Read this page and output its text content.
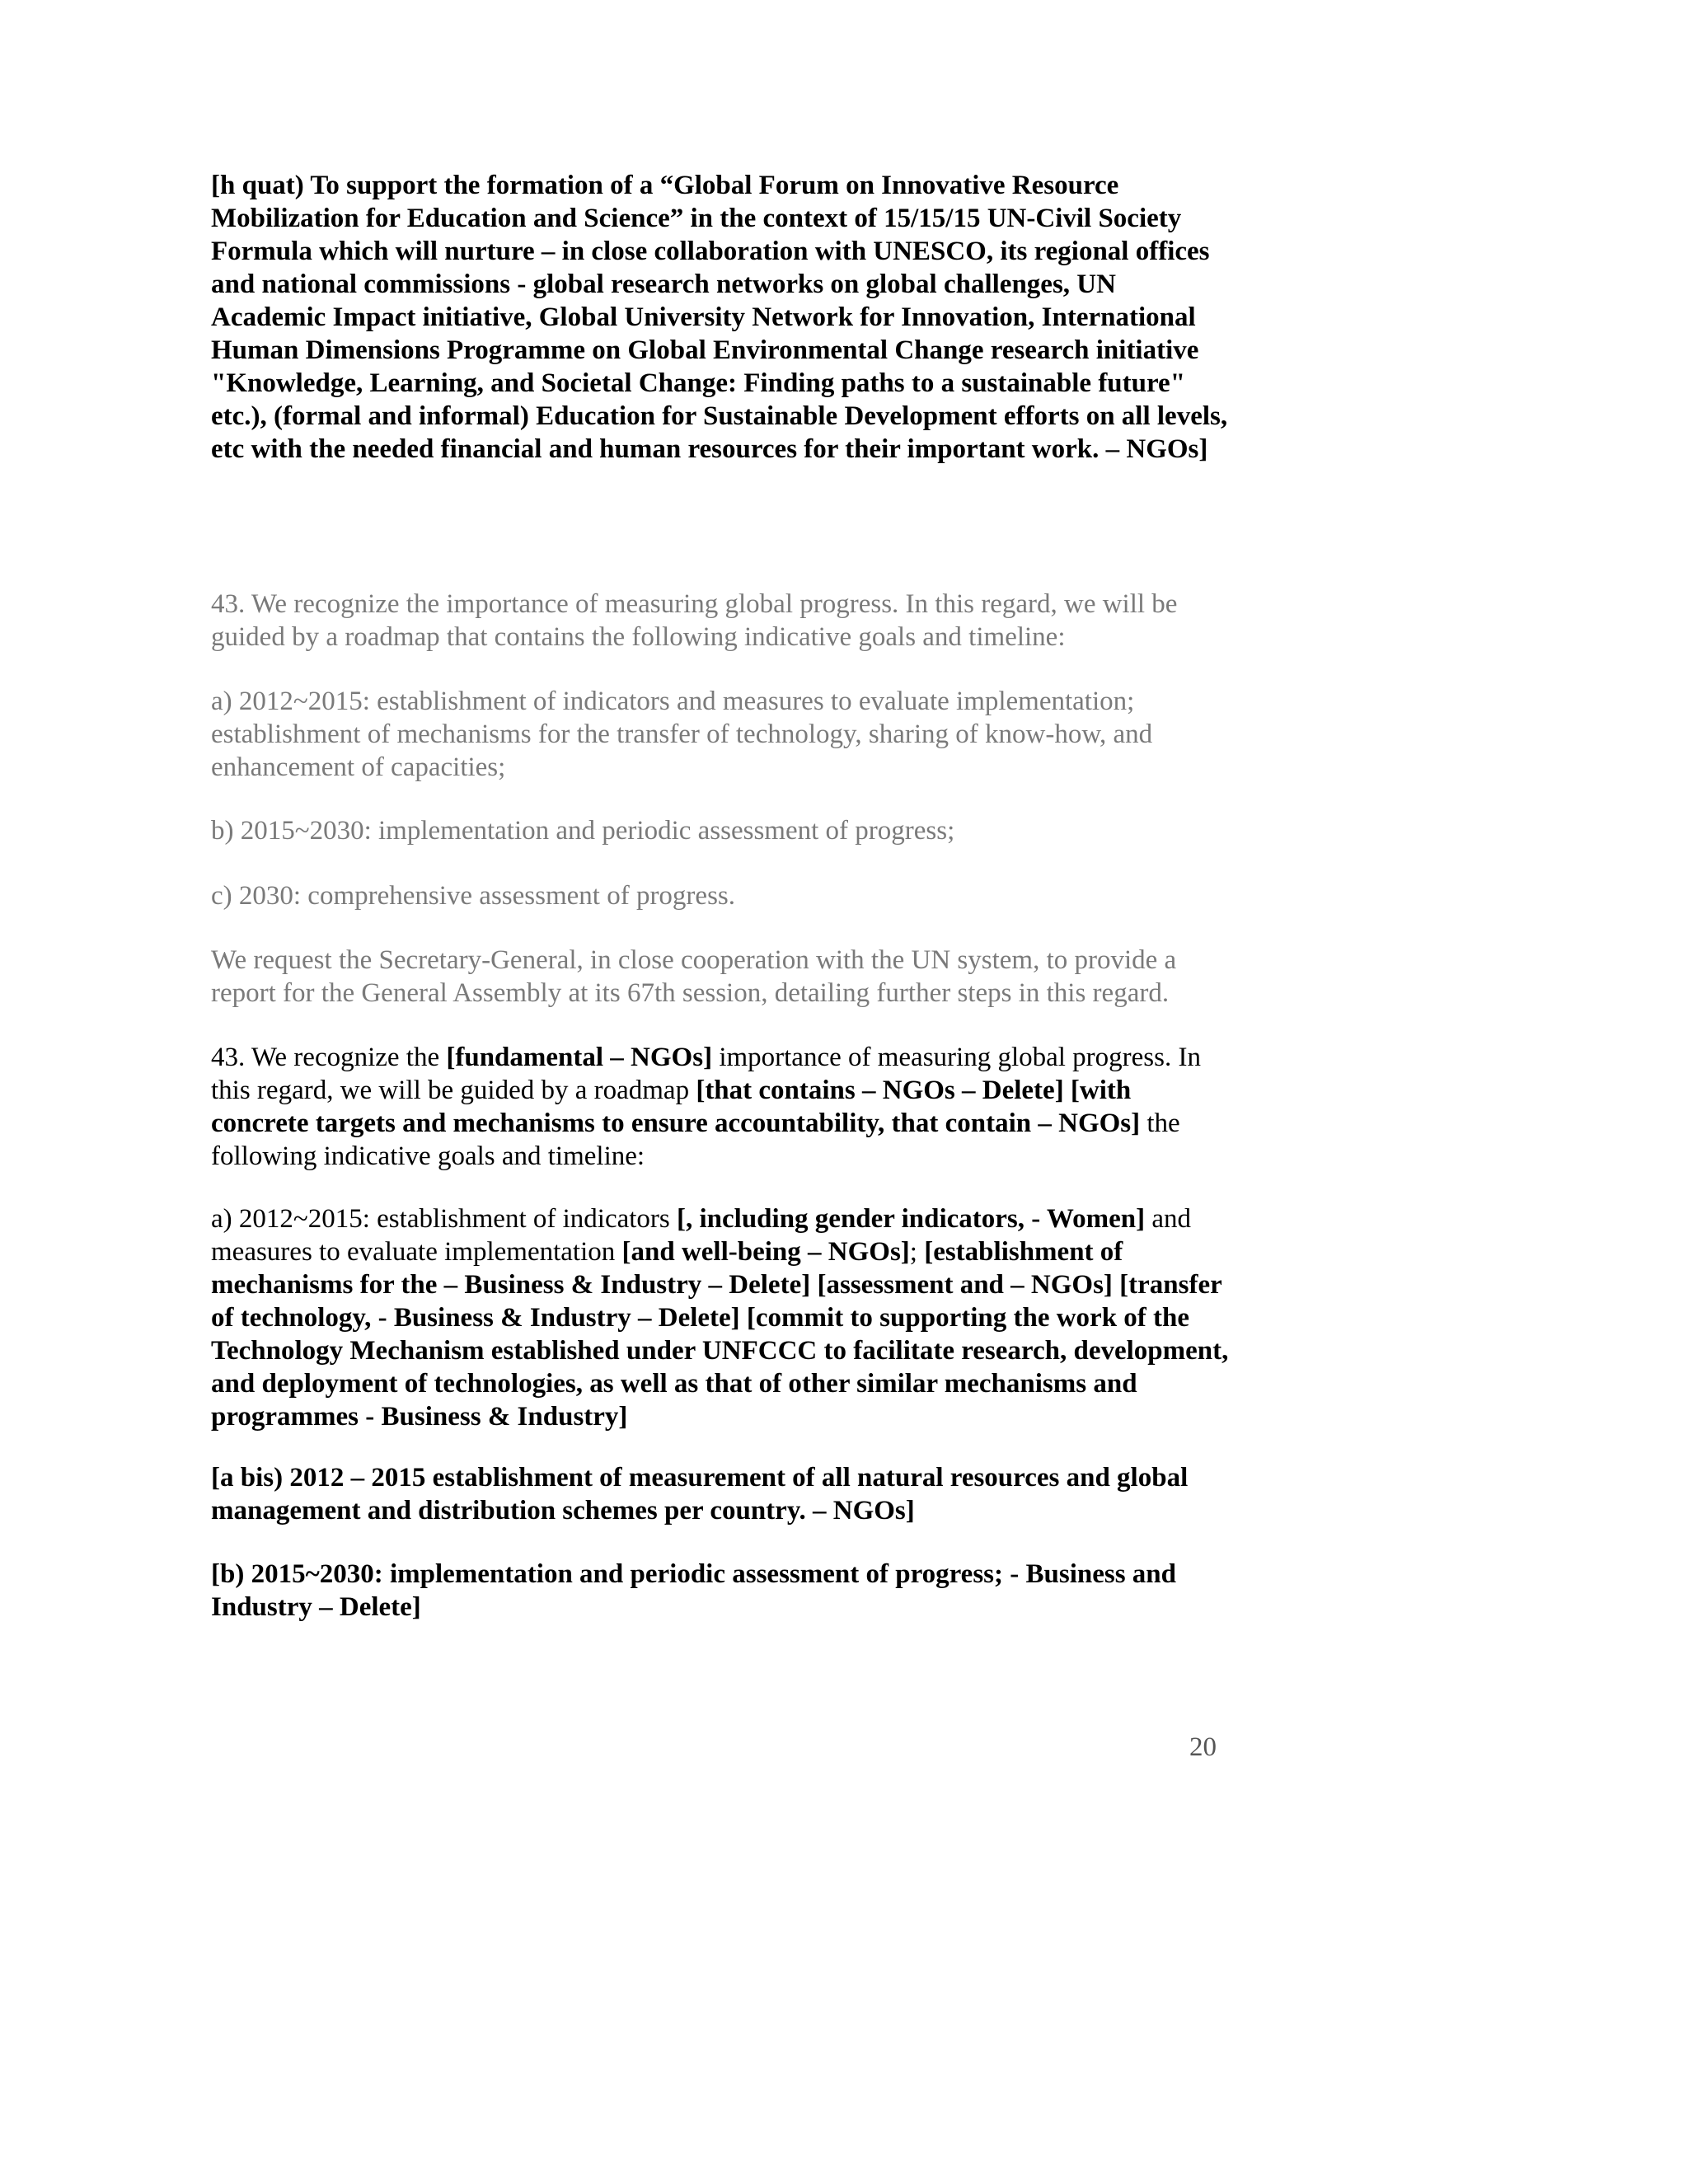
[h quat) To support the formation of a “Global Forum on Innovative Resource Mobilization for Education and Science” in the context of 15/15/15 UN-Civil Society Formula which will nurture – in close collaboration with UNESCO, its regional offices and national commissions - global research networks on global challenges, UN Academic Impact initiative, Global University Network for Innovation, International Human Dimensions Programme on Global Environmental Change research initiative "Knowledge, Learning, and Societal Change: Finding paths to a sustainable future" etc.), (formal and informal) Education for Sustainable Development efforts on all levels, etc with the needed financial and human resources for their important work. – NGOs]

43. We recognize the importance of measuring global progress. In this regard, we will be guided by a roadmap that contains the following indicative goals and timeline:

a) 2012~2015: establishment of indicators and measures to evaluate implementation; establishment of mechanisms for the transfer of technology, sharing of know-how, and enhancement of capacities;

b) 2015~2030: implementation and periodic assessment of progress;

c) 2030: comprehensive assessment of progress.

We request the Secretary-General, in close cooperation with the UN system, to provide a report for the General Assembly at its 67th session, detailing further steps in this regard.

43. We recognize the [fundamental – NGOs] importance of measuring global progress. In this regard, we will be guided by a roadmap [that contains – NGOs – Delete] [with concrete targets and mechanisms to ensure accountability, that contain – NGOs] the following indicative goals and timeline:

a) 2012~2015: establishment of indicators [, including gender indicators, - Women] and measures to evaluate implementation [and well-being – NGOs]; [establishment of mechanisms for the – Business & Industry – Delete] [assessment and – NGOs] [transfer of technology, - Business & Industry – Delete] [commit to supporting the work of the Technology Mechanism established under UNFCCC to facilitate research, development, and deployment of technologies, as well as that of other similar mechanisms and programmes - Business & Industry]

[a bis) 2012 – 2015 establishment of measurement of all natural resources and global management and distribution schemes per country. – NGOs]

[b) 2015~2030: implementation and periodic assessment of progress; - Business and Industry – Delete]

20
